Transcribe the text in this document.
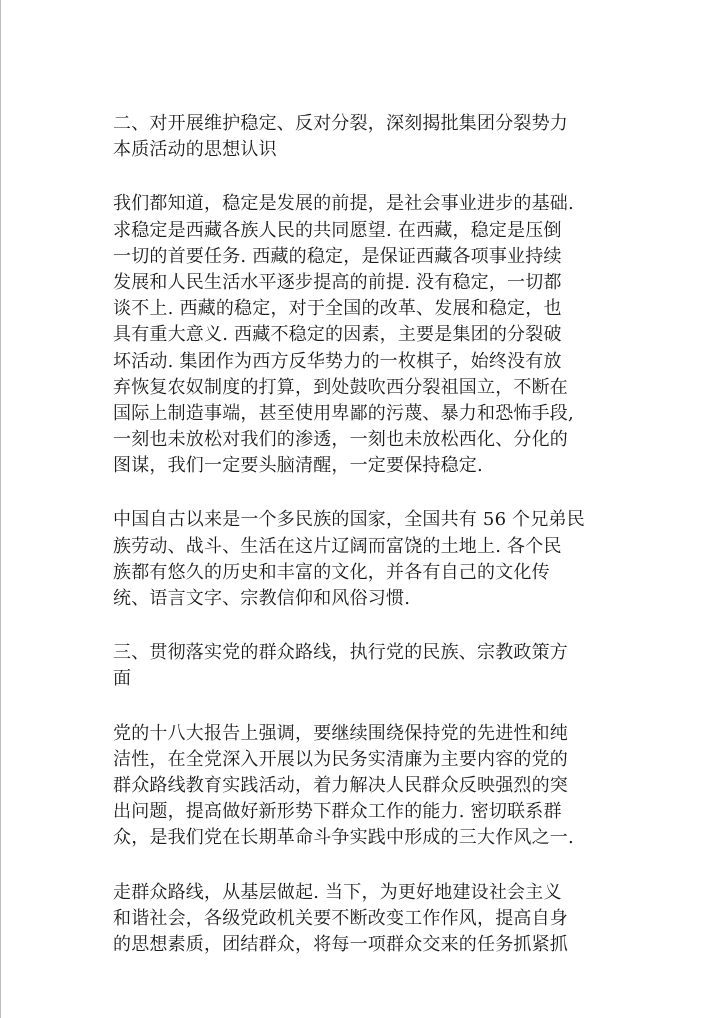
二、对开展维护稳定、反对分裂，深刻揭批集团分裂势力
本质活动的思想认识
我们都知道，稳定是发展的前提，是社会事业进步的基础.
求稳定是西藏各族人民的共同愿望. 在西藏，稳定是压倒
一切的首要任务. 西藏的稳定，是保证西藏各项事业持续
发展和人民生活水平逐步提高的前提. 没有稳定，一切都
谈不上. 西藏的稳定，对于全国的改革、发展和稳定，也
具有重大意义. 西藏不稳定的因素，主要是集团的分裂破
坏活动. 集团作为西方反华势力的一枚棋子，始终没有放
弃恢复农奴制度的打算，到处鼓吹西分裂祖国立，不断在
国际上制造事端，甚至使用卑鄙的污蔑、暴力和恐怖手段,
一刻也未放松对我们的渗透，一刻也未放松西化、分化的
图谋，我们一定要头脑清醒，一定要保持稳定.
中国自古以来是一个多民族的国家，全国共有 56 个兄弟民
族劳动、战斗、生活在这片辽阔而富饶的土地上. 各个民
族都有悠久的历史和丰富的文化，并各有自己的文化传
统、语言文字、宗教信仰和风俗习惯.
三、贯彻落实党的群众路线，执行党的民族、宗教政策方
面
党的十八大报告上强调，要继续围绕保持党的先进性和纯
洁性，在全党深入开展以为民务实清廉为主要内容的党的
群众路线教育实践活动，着力解决人民群众反映强烈的突
出问题，提高做好新形势下群众工作的能力. 密切联系群
众，是我们党在长期革命斗争实践中形成的三大作风之一.
走群众路线，从基层做起. 当下，为更好地建设社会主义
和谐社会，各级党政机关要不断改变工作作风，提高自身
的思想素质，团结群众，将每一项群众交来的任务抓紧抓
